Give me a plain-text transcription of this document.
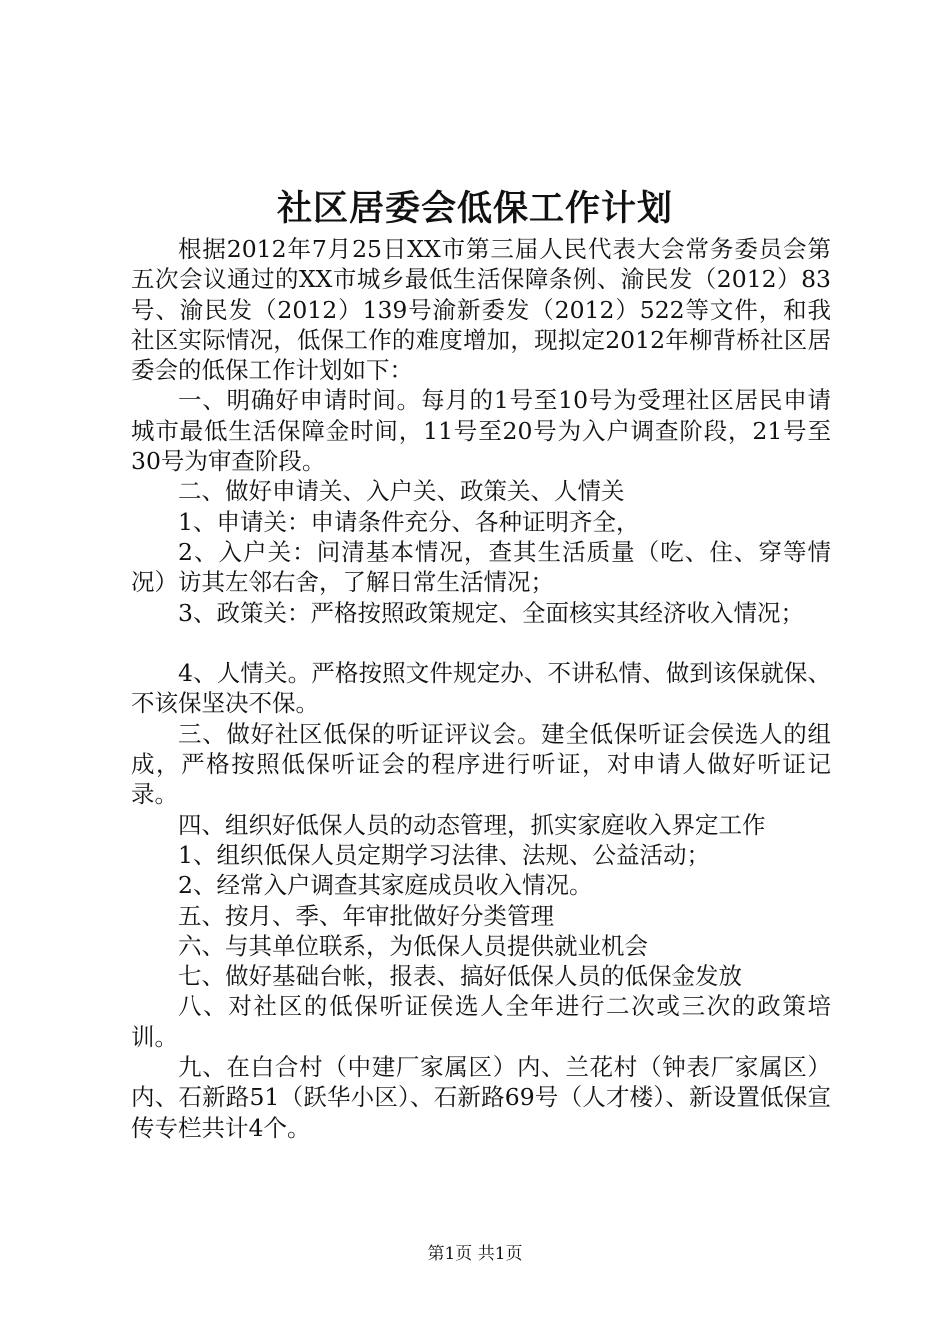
社区居委会低保工作计划

根据2012年7月25日XX市第三届人民代表大会常务委员会第五次会议通过的XX市城乡最低生活保障条例、渝民发（2012）83号、渝民发（2012）139号渝新委发（2012）522等文件，和我社区实际情况，低保工作的难度增加，现拟定2012年柳背桥社区居委会的低保工作计划如下：

一、明确好申请时间。每月的1号至10号为受理社区居民申请城市最低生活保障金时间，11号至20号为入户调查阶段，21号至30号为审查阶段。

二、做好申请关、入户关、政策关、人情关

1、申请关：申请条件充分、各种证明齐全，

2、入户关：问清基本情况，查其生活质量（吃、住、穿等情况）访其左邻右舍，了解日常生活情况；

3、政策关：严格按照政策规定、全面核实其经济收入情况；

4、人情关。严格按照文件规定办、不讲私情、做到该保就保、不该保坚决不保。

三、做好社区低保的听证评议会。建全低保听证会侯选人的组成，严格按照低保听证会的程序进行听证，对申请人做好听证记录。

四、组织好低保人员的动态管理，抓实家庭收入界定工作

1、组织低保人员定期学习法律、法规、公益活动；

2、经常入户调查其家庭成员收入情况。

五、按月、季、年审批做好分类管理

六、与其单位联系，为低保人员提供就业机会

七、做好基础台帐，报表、搞好低保人员的低保金发放

八、对社区的低保听证侯选人全年进行二次或三次的政策培训。

九、在白合村（中建厂家属区）内、兰花村（钟表厂家属区）内、石新路51（跃华小区）、石新路69号（人才楼）、新设置低保宣传专栏共计4个。

第1页 共1页
